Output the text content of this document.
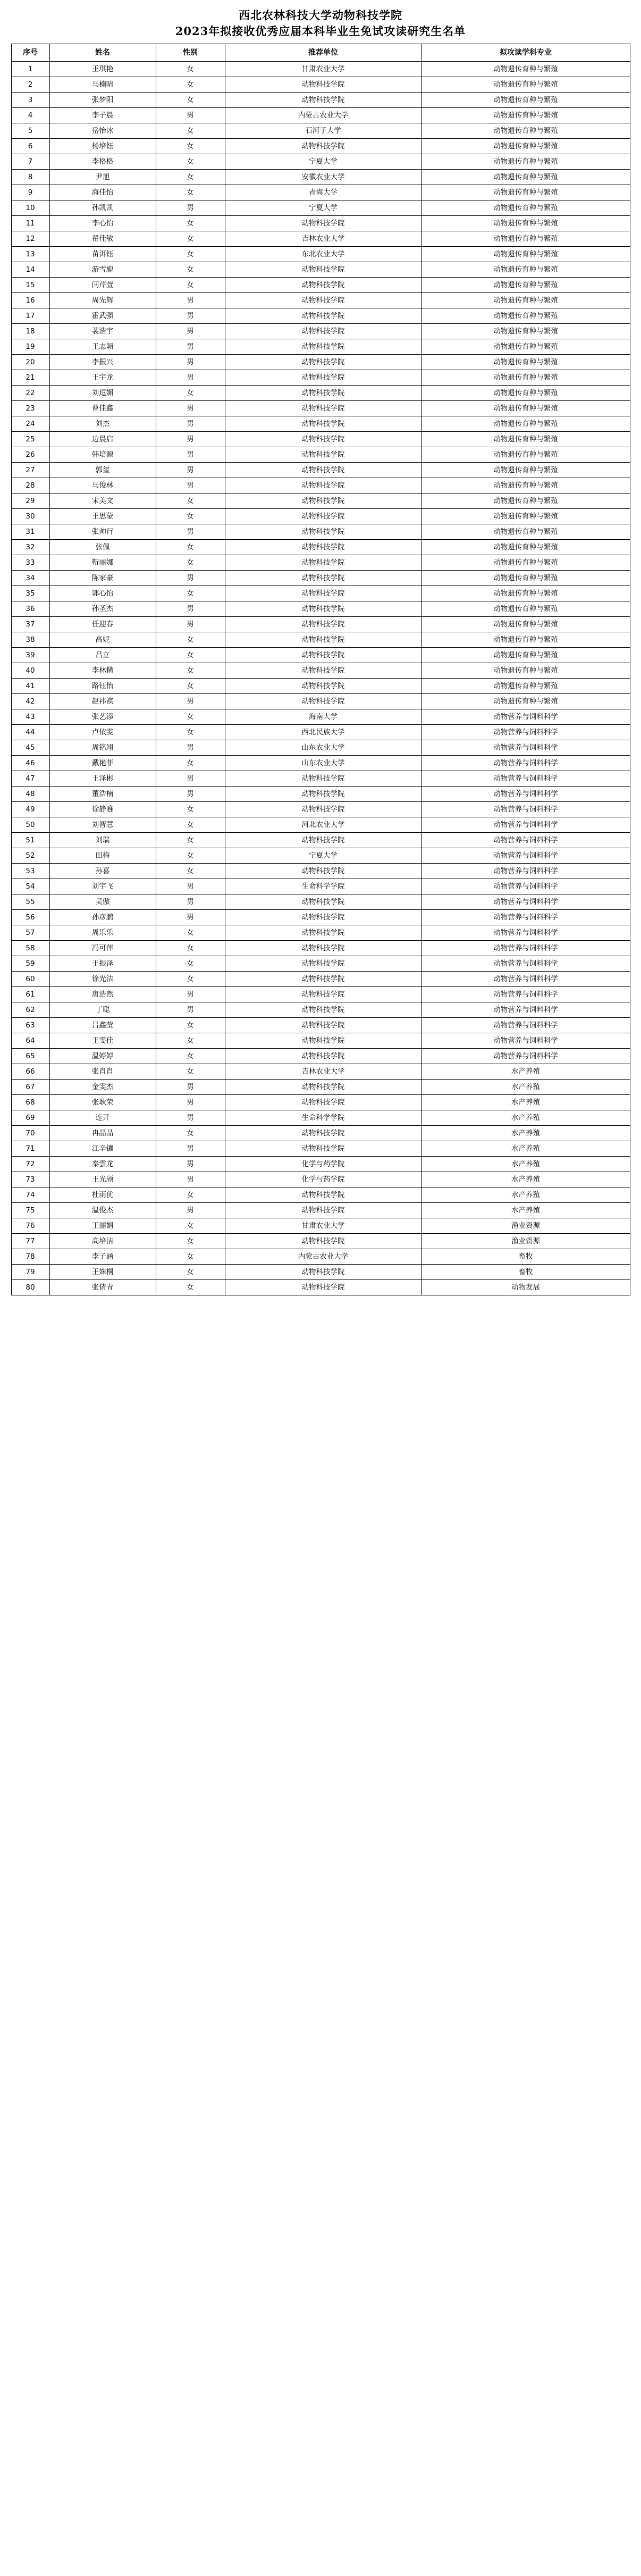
西北农林科技大学动物科技学院
2023年拟接收优秀应届本科毕业生免试攻读研究生名单
序号	姓名	性别	推荐单位	拟攻读学科专业
1	王琪艳	女	甘肃农业大学	动物遗传育种与繁殖
2	马楠晴	女	动物科技学院	动物遗传育种与繁殖
3	张梦阳	女	动物科技学院	动物遗传育种与繁殖
4	李子晨	男	内蒙古农业大学	动物遗传育种与繁殖
5	岳怡冰	女	石河子大学	动物遗传育种与繁殖
6	杨培钰	女	动物科技学院	动物遗传育种与繁殖
7	李格格	女	宁夏大学	动物遗传育种与繁殖
8	尹旭	女	安徽农业大学	动物遗传育种与繁殖
9	海佳怡	女	青海大学	动物遗传育种与繁殖
10	孙凯凯	男	宁夏大学	动物遗传育种与繁殖
11	李心怡	女	动物科技学院	动物遗传育种与繁殖
12	翟佳敏	女	吉林农业大学	动物遗传育种与繁殖
13	苗洱钰	女	东北农业大学	动物遗传育种与繁殖
14	游雪旎	女	动物科技学院	动物遗传育种与繁殖
15	闫芹萱	女	动物科技学院	动物遗传育种与繁殖
16	周先辉	男	动物科技学院	动物遗传育种与繁殖
17	霍武强	男	动物科技学院	动物遗传育种与繁殖
18	裴浩宇	男	动物科技学院	动物遗传育种与繁殖
19	王志颖	男	动物科技学院	动物遗传育种与繁殖
20	李振兴	男	动物科技学院	动物遗传育种与繁殖
21	王宇龙	男	动物科技学院	动物遗传育种与繁殖
22	刘逗媚	女	动物科技学院	动物遗传育种与繁殖
23	曹佳鑫	男	动物科技学院	动物遗传育种与繁殖
24	刘杰	男	动物科技学院	动物遗传育种与繁殖
25	边晨启	男	动物科技学院	动物遗传育种与繁殖
26	韩培源	男	动物科技学院	动物遗传育种与繁殖
27	郭玺	男	动物科技学院	动物遗传育种与繁殖
28	马俊林	男	动物科技学院	动物遗传育种与繁殖
29	宋美文	女	动物科技学院	动物遗传育种与繁殖
30	王思蒙	女	动物科技学院	动物遗传育种与繁殖
31	张帅行	男	动物科技学院	动物遗传育种与繁殖
32	张佩	女	动物科技学院	动物遗传育种与繁殖
33	靳丽娜	女	动物科技学院	动物遗传育种与繁殖
34	陈家豪	男	动物科技学院	动物遗传育种与繁殖
35	郭心怡	女	动物科技学院	动物遗传育种与繁殖
36	孙圣杰	男	动物科技学院	动物遗传育种与繁殖
37	任迎春	男	动物科技学院	动物遗传育种与繁殖
38	高妮	女	动物科技学院	动物遗传育种与繁殖
39	吕立	女	动物科技学院	动物遗传育种与繁殖
40	李林耩	女	动物科技学院	动物遗传育种与繁殖
41	路钰怡	女	动物科技学院	动物遗传育种与繁殖
42	赵祎祺	男	动物科技学院	动物遗传育种与繁殖
43	张艺添	女	海南大学	动物营养与饲料科学
44	卢依雯	女	西北民族大学	动物营养与饲料科学
45	周铭翊	男	山东农业大学	动物营养与饲料科学
46	戴艳菲	女	山东农业大学	动物营养与饲料科学
47	王泽彬	男	动物科技学院	动物营养与饲料科学
48	董浩楠	男	动物科技学院	动物营养与饲料科学
49	徐静雅	女	动物科技学院	动物营养与饲料科学
50	刘智慧	女	河北农业大学	动物营养与饲料科学
51	刘瑞	女	动物科技学院	动物营养与饲料科学
52	田梅	女	宁夏大学	动物营养与饲料科学
53	孙喜	女	动物科技学院	动物营养与饲料科学
54	刘宇飞	男	生命科学学院	动物营养与饲料科学
55	吴傲	男	动物科技学院	动物营养与饲料科学
56	孙彦鹏	男	动物科技学院	动物营养与饲料科学
57	周乐乐	女	动物科技学院	动物营养与饲料科学
58	冯可萍	女	动物科技学院	动物营养与饲料科学
59	王振泽	女	动物科技学院	动物营养与饲料科学
60	徐光洁	女	动物科技学院	动物营养与饲料科学
61	唐浩然	男	动物科技学院	动物营养与饲料科学
62	丁聪	男	动物科技学院	动物营养与饲料科学
63	吕鑫莹	女	动物科技学院	动物营养与饲料科学
64	王雯佳	女	动物科技学院	动物营养与饲料科学
65	温婷婷	女	动物科技学院	动物营养与饲料科学
66	张肖肖	女	吉林农业大学	水产养殖
67	金雯杰	男	动物科技学院	水产养殖
68	张耿荣	男	动物科技学院	水产养殖
69	连开	男	生命科学学院	水产养殖
70	冉晶晶	女	动物科技学院	水产养殖
71	江辛镳	男	动物科技学院	水产养殖
72	秦雲龙	男	化学与药学院	水产养殖
73	王光颀	男	化学与药学院	水产养殖
74	杜雨优	女	动物科技学院	水产养殖
75	温俊杰	男	动物科技学院	水产养殖
76	王丽娟	女	甘肃农业大学	渔业资源
77	高培洁	女	动物科技学院	渔业资源
78	李子涵	女	内蒙古农业大学	畜牧
79	王姝桐	女	动物科技学院	畜牧
80	张倩青	女	动物科技学院	动物发展
